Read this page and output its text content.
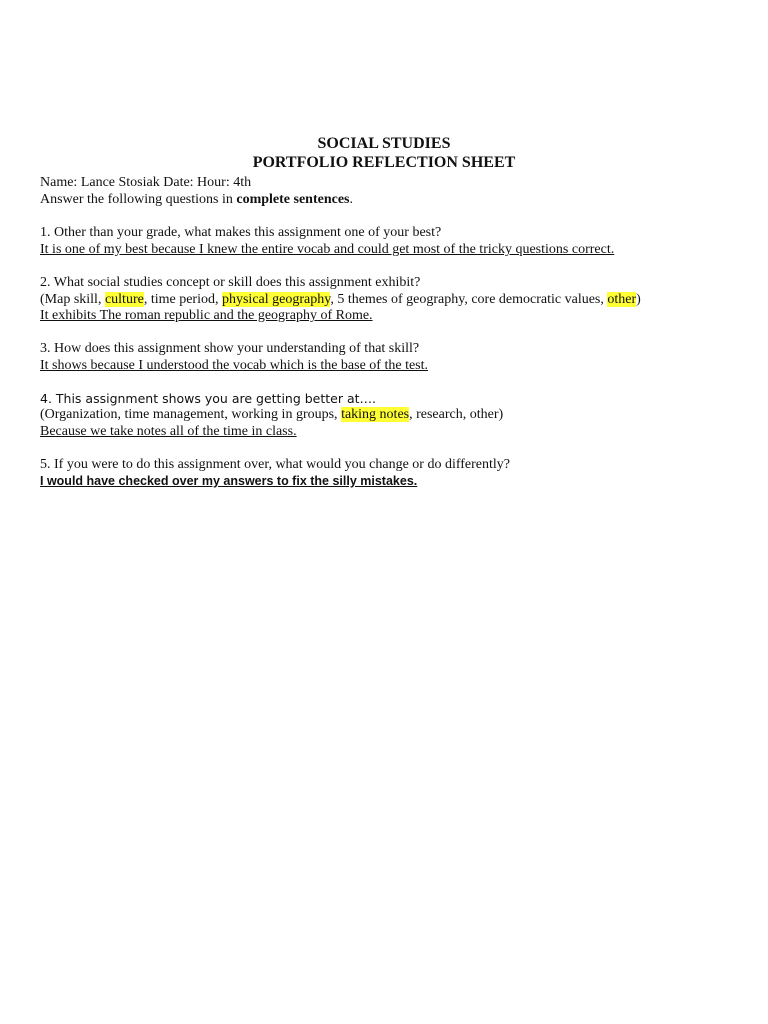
SOCIAL STUDIES
PORTFOLIO REFLECTION SHEET
Name: Lance Stosiak Date: Hour: 4th
Answer the following questions in complete sentences.
1. Other than your grade, what makes this assignment one of your best?
It is one of my best because I knew the entire vocab and could get most of the tricky questions correct.
2. What social studies concept or skill does this assignment exhibit?
(Map skill, culture, time period, physical geography, 5 themes of geography, core democratic values, other)
It exhibits The roman republic and the geography of Rome.
3. How does this assignment show your understanding of that skill?
It shows because I understood the vocab which is the base of the test.
4. This assignment shows you are getting better at….
(Organization, time management, working in groups, taking notes, research, other)
Because we take notes all of the time in class.
5. If you were to do this assignment over, what would you change or do differently?
I would have checked over my answers to fix the silly mistakes.
